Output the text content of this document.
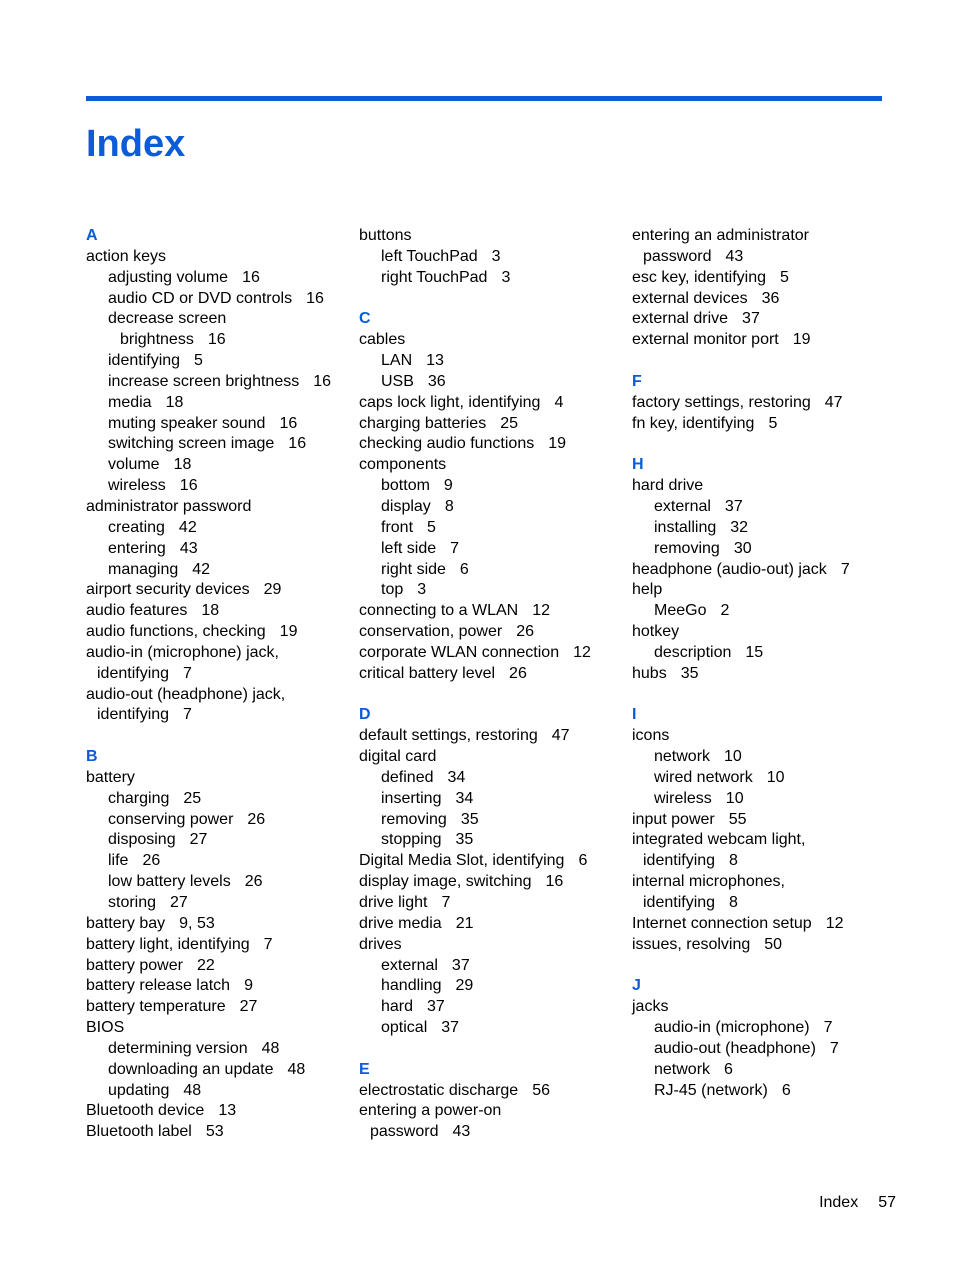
Index
A
action keys
adjusting volume 16
audio CD or DVD controls 16
decrease screen
brightness 16
identifying 5
increase screen brightness 16
media 18
muting speaker sound 16
switching screen image 16
volume 18
wireless 16
administrator password
creating 42
entering 43
managing 42
airport security devices 29
audio features 18
audio functions, checking 19
audio-in (microphone) jack,
identifying 7
audio-out (headphone) jack,
identifying 7
B
battery
charging 25
conserving power 26
disposing 27
life 26
low battery levels 26
storing 27
battery bay 9, 53
battery light, identifying 7
battery power 22
battery release latch 9
battery temperature 27
BIOS
determining version 48
downloading an update 48
updating 48
Bluetooth device 13
Bluetooth label 53
buttons
left TouchPad 3
right TouchPad 3
C
cables
LAN 13
USB 36
caps lock light, identifying 4
charging batteries 25
checking audio functions 19
components
bottom 9
display 8
front 5
left side 7
right side 6
top 3
connecting to a WLAN 12
conservation, power 26
corporate WLAN connection 12
critical battery level 26
D
default settings, restoring 47
digital card
defined 34
inserting 34
removing 35
stopping 35
Digital Media Slot, identifying 6
display image, switching 16
drive light 7
drive media 21
drives
external 37
handling 29
hard 37
optical 37
E
electrostatic discharge 56
entering a power-on
password 43
entering an administrator
password 43
esc key, identifying 5
external devices 36
external drive 37
external monitor port 19
F
factory settings, restoring 47
fn key, identifying 5
H
hard drive
external 37
installing 32
removing 30
headphone (audio-out) jack 7
help
MeeGo 2
hotkey
description 15
hubs 35
I
icons
network 10
wired network 10
wireless 10
input power 55
integrated webcam light,
identifying 8
internal microphones,
identifying 8
Internet connection setup 12
issues, resolving 50
J
jacks
audio-in (microphone) 7
audio-out (headphone) 7
network 6
RJ-45 (network) 6
Index 57
